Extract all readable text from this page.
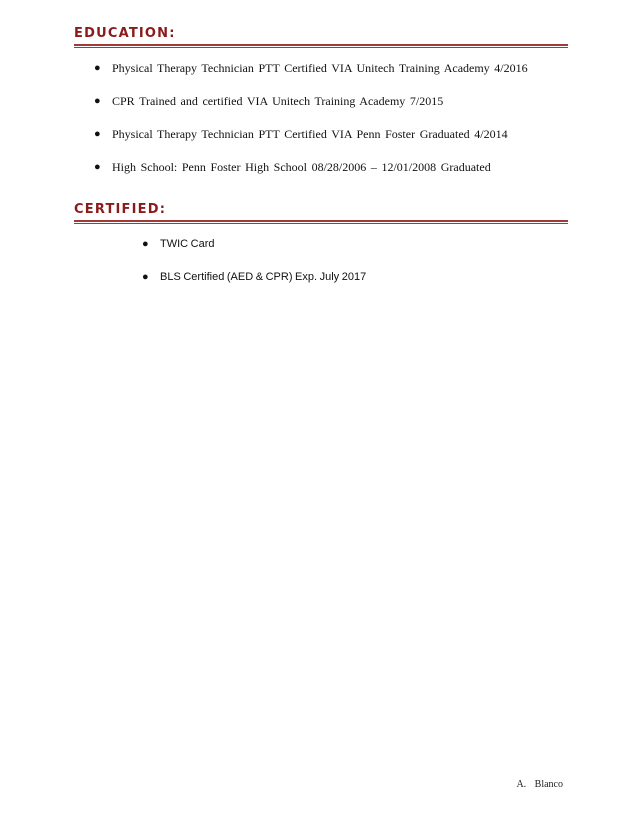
EDUCATION:
● Physical Therapy Technician PTT Certified VIA Unitech Training Academy 4/2016
● CPR Trained and certified VIA Unitech Training Academy 7/2015
● Physical Therapy Technician PTT Certified VIA Penn Foster Graduated 4/2014
● High School: Penn Foster High School 08/28/2006 – 12/01/2008 Graduated
CERTIFIED:
● TWIC Card
● BLS Certified (AED & CPR) Exp. July 2017
A. Blanco
